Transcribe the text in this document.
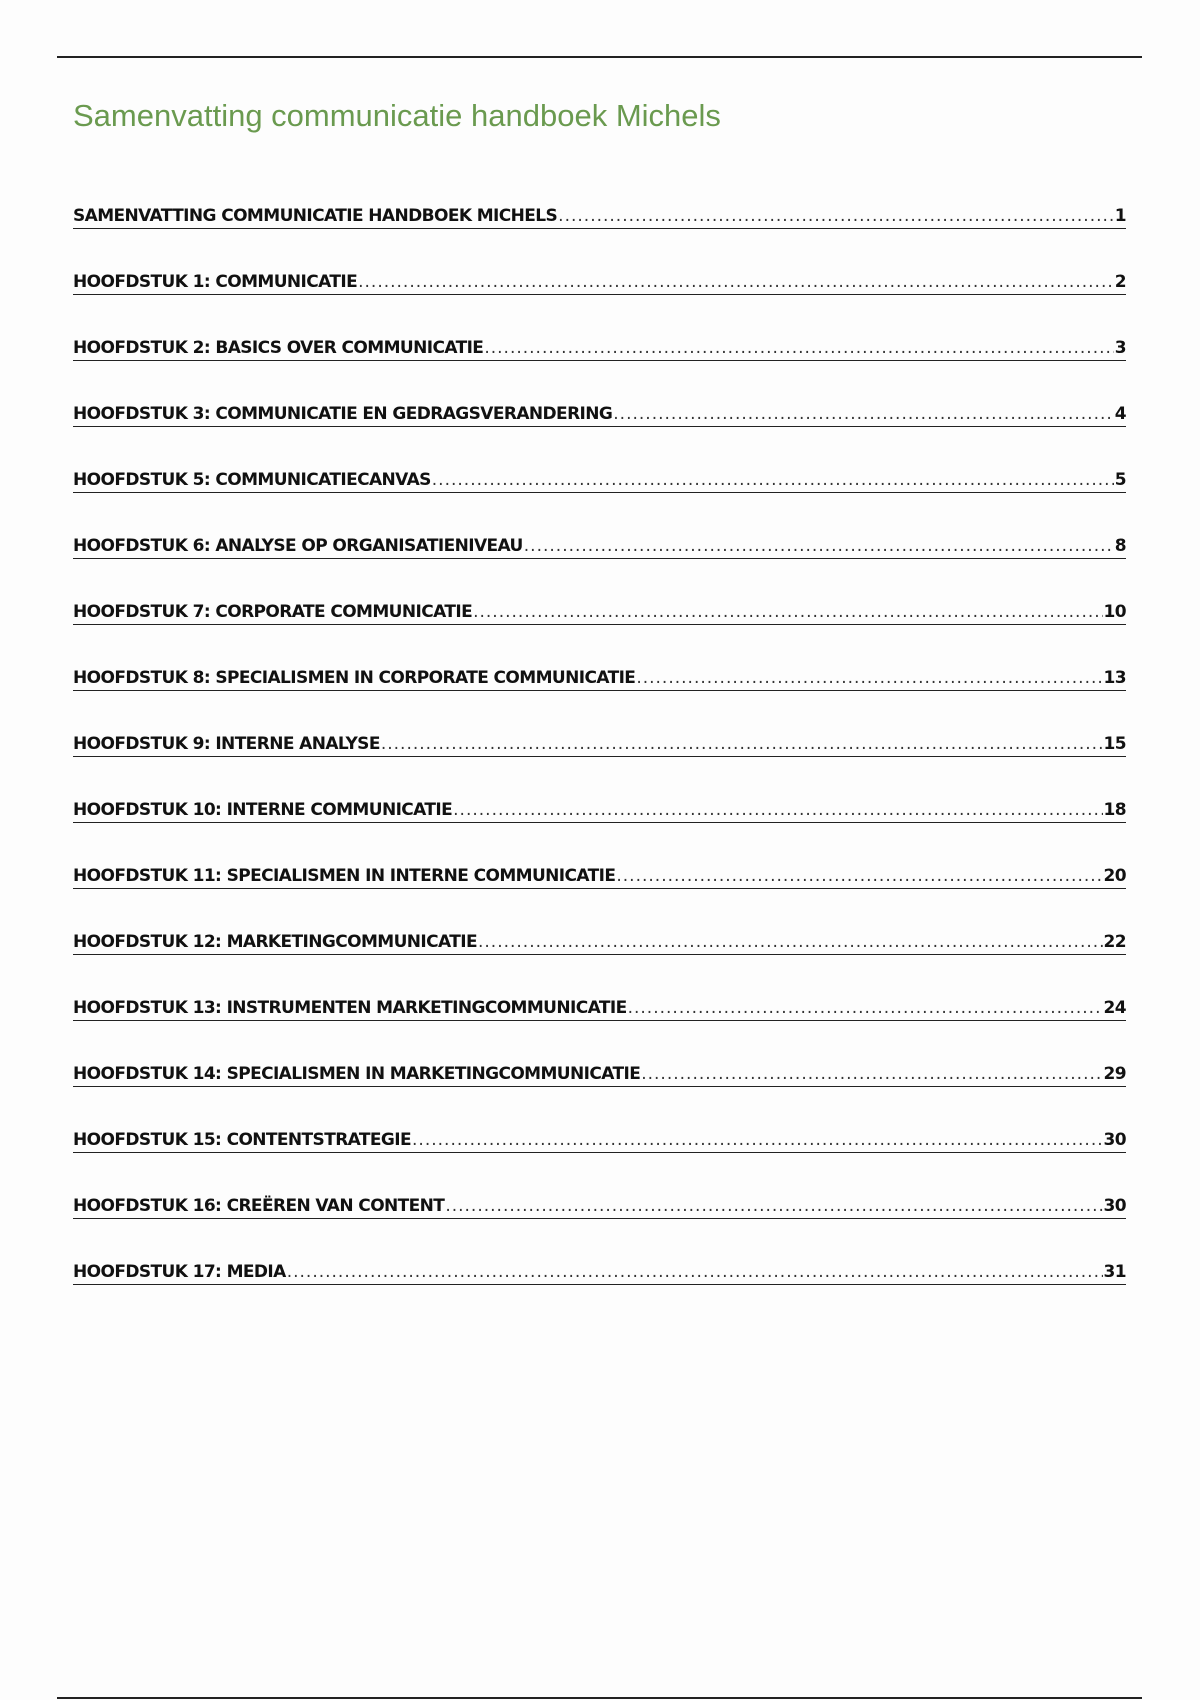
Samenvatting communicatie handboek Michels
SAMENVATTING COMMUNICATIE HANDBOEK MICHELS .....	1
HOOFDSTUK 1: COMMUNICATIE .....	2
HOOFDSTUK 2: BASICS OVER COMMUNICATIE .....	3
HOOFDSTUK 3: COMMUNICATIE EN GEDRAGSVERANDERING .....	4
HOOFDSTUK 5: COMMUNICATIECANVAS .....	5
HOOFDSTUK 6: ANALYSE OP ORGANISATIENIVEAU .....	8
HOOFDSTUK 7: CORPORATE COMMUNICATIE .....	10
HOOFDSTUK 8: SPECIALISMEN IN CORPORATE COMMUNICATIE .....	13
HOOFDSTUK 9: INTERNE ANALYSE .....	15
HOOFDSTUK 10: INTERNE COMMUNICATIE .....	18
HOOFDSTUK 11: SPECIALISMEN IN INTERNE COMMUNICATIE .....	20
HOOFDSTUK 12: MARKETINGCOMMUNICATIE .....	22
HOOFDSTUK 13: INSTRUMENTEN MARKETINGCOMMUNICATIE .....	24
HOOFDSTUK 14: SPECIALISMEN IN MARKETINGCOMMUNICATIE .....	29
HOOFDSTUK 15: CONTENTSTRATEGIE .....	30
HOOFDSTUK 16: CREËREN VAN CONTENT .....	30
HOOFDSTUK 17: MEDIA .....	31
